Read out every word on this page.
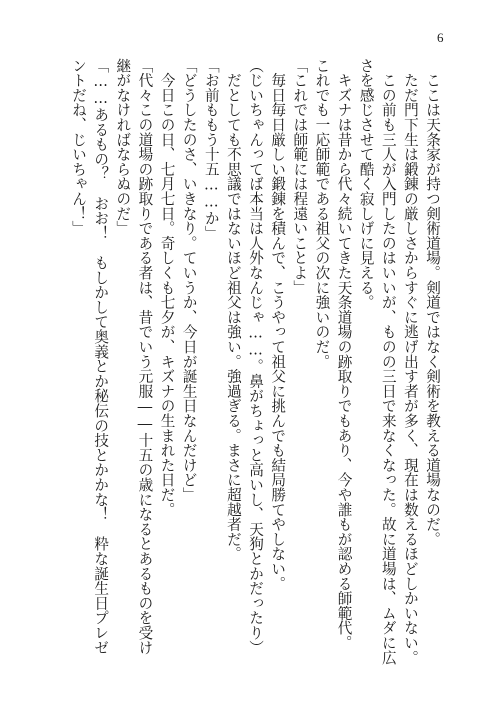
6
　ここは天条家が持つ剣術道場。剣道ではなく剣術を教える道場なのだ。
　ただ門下生は鍛錬の厳しさからすぐに逃げ出す者が多く、現在は数えるほどしかいない。
　この前も三人が入門したのはいいが、ものの三日で来なくなった。故に道場は、ムダに広
さを感じさせて酷く寂しげに見える。
　キズナは昔から代々続いてきた天条道場の跡取りでもあり、今や誰もが認める師範代。
これでも一応師範である祖父の次に強いのだ。
「これでは師範には程遠いことよ」
　毎日毎日厳しい鍛錬を積んで、こうやって祖父に挑んでも結局勝てやしない。
（じいちゃんってば本当は人外なんじゃ……。鼻がちょっと高いし、天狗とかだったり）
　だとしても不思議ではないほど祖父は強い。強過ぎる。まさに超越者だ。
「お前ももう十五……か」
「どうしたのさ、いきなり。ていうか、今日が誕生日なんだけど」
　今日この日、七月七日。奇しくも七夕が、キズナの生まれた日だ。
「代々この道場の跡取りである者は、昔でいう元服――十五の歳になるとあるものを受け
継がなければならぬのだ」
「……あるもの？　おお！　もしかして奥義とか秘伝の技とかかな！　粋な誕生日プレゼ
ントだね、じいちゃん！」
